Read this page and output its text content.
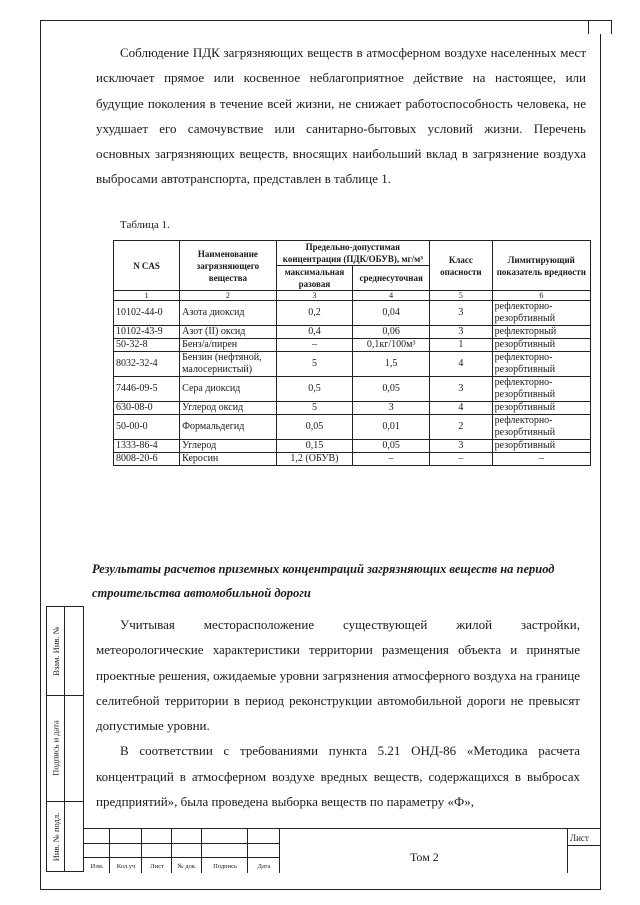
Взам. Инв. №
Подпись и дата
Инв. № подл.

Соблюдение ПДК загрязняющих веществ в атмосферном воздухе населенных мест исключает прямое или косвенное неблагоприятное действие на настоящее, или будущие поколения в течение всей жизни, не снижает работоспособность человека, не ухудшает его самочувствие или санитарно-бытовых условий жизни. Перечень основных загрязняющих веществ, вносящих наибольший вклад в загрязнение воздуха выбросами автотранспорта, представлен в таблице 1.

Таблица 1.
N CAS	Наименование загрязняющего вещества	Предельно-допустимая концентрация (ПДК/ОБУВ), мг/м³		Класс опасности	Лимитирующий показатель вредности
		максимальная разовая	среднесуточная		
1	2	3	4	5	6
10102-44-0	Азота диоксид	0,2	0,04	3	рефлекторно-резорбтивный
10102-43-9	Азот (II) оксид	0,4	0,06	3	рефлекторный
50-32-8	Бенз/а/пирен	–	0,1кг/100м³	1	резорбтивный
8032-32-4	Бензин (нефтяной, малосернистый)	5	1,5	4	рефлекторно-резорбтивный
7446-09-5	Сера диоксид	0,5	0,05	3	рефлекторно-резорбтивный
630-08-0	Углерод оксид	5	3	4	резорбтивный
50-00-0	Формальдегид	0,05	0,01	2	рефлекторно-резорбтивный
1333-86-4	Углерод	0,15	0,05	3	резорбтивный
8008-20-6	Керосин	1,2 (ОБУВ)	–	–	–
Результаты расчетов приземных концентраций загрязняющих веществ на период строительства автомобильной дороги

Учитывая месторасположение существующей жилой застройки, метеорологические характеристики территории размещения объекта и принятые проектные решения, ожидаемые уровни загрязнения атмосферного воздуха на границе селитебной территории в период реконструкции автомобильной дороги не превысят допустимые уровни.

В соответствии с требованиями пункта 5.21 ОНД-86 «Методика расчета концентраций в атмосферном воздухе вредных веществ, содержащихся в выбросах предприятий», была проведена выборка веществ по параметру «Ф»,

Изм.	Кол.уч	Лист	№ док.	Подпись	Дата
Том 2
Лист
